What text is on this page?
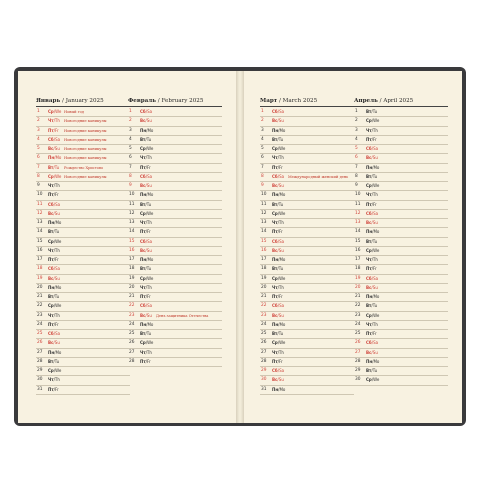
Январь / January 2025
1	Ср/We Новый год
2	Чт/Th Новогодние каникулы
3	Пт/Fr Новогодние каникулы
4	Сб/Sa Новогодние каникулы
5	Вс/Su Новогодние каникулы
6	Пн/Mo Новогодние каникулы
7	Вт/Tu Рождество Христово
8	Ср/We Новогодние каникулы
9	Чт/Th
10	Пт/Fr
11	Сб/Sa
12	Вс/Su
13	Пн/Mo
14	Вт/Tu
15	Ср/We
16	Чт/Th
17	Пт/Fr
18	Сб/Sa
19	Вс/Su
20	Пн/Mo
21	Вт/Tu
22	Ср/We
23	Чт/Th
24	Пт/Fr
25	Сб/Sa
26	Вс/Su
27	Пн/Mo
28	Вт/Tu
29	Ср/We
30	Чт/Th
31	Пт/Fr
Февраль / February 2025
1	Сб/Sa
2	Вс/Su
3	Пн/Mo
4	Вт/Tu
5	Ср/We
6	Чт/Th
7	Пт/Fr
8	Сб/Sa
9	Вс/Su
10	Пн/Mo
11	Вт/Tu
12	Ср/We
13	Чт/Th
14	Пт/Fr
15	Сб/Sa
16	Вс/Su
17	Пн/Mo
18	Вт/Tu
19	Ср/We
20	Чт/Th
21	Пт/Fr
22	Сб/Sa
23	Вс/Su День защитника Отечества
24	Пн/Mo
25	Вт/Tu
26	Ср/We
27	Чт/Th
28	Пт/Fr
Март / March 2025
1	Сб/Sa
2	Вс/Su
3	Пн/Mo
4	Вт/Tu
5	Ср/We
6	Чт/Th
7	Пт/Fr
8	Сб/Sa Международный женский день
9	Вс/Su
10	Пн/Mo
11	Вт/Tu
12	Ср/We
13	Чт/Th
14	Пт/Fr
15	Сб/Sa
16	Вс/Su
17	Пн/Mo
18	Вт/Tu
19	Ср/We
20	Чт/Th
21	Пт/Fr
22	Сб/Sa
23	Вс/Su
24	Пн/Mo
25	Вт/Tu
26	Ср/We
27	Чт/Th
28	Пт/Fr
29	Сб/Sa
30	Вс/Su
31	Пн/Mo
Апрель / April 2025
1	Вт/Tu
2	Ср/We
3	Чт/Th
4	Пт/Fr
5	Сб/Sa
6	Вс/Su
7	Пн/Mo
8	Вт/Tu
9	Ср/We
10	Чт/Th
11	Пт/Fr
12	Сб/Sa
13	Вс/Su
14	Пн/Mo
15	Вт/Tu
16	Ср/We
17	Чт/Th
18	Пт/Fr
19	Сб/Sa
20	Вс/Su
21	Пн/Mo
22	Вт/Tu
23	Ср/We
24	Чт/Th
25	Пт/Fr
26	Сб/Sa
27	Вс/Su
28	Пн/Mo
29	Вт/Tu
30	Ср/We
